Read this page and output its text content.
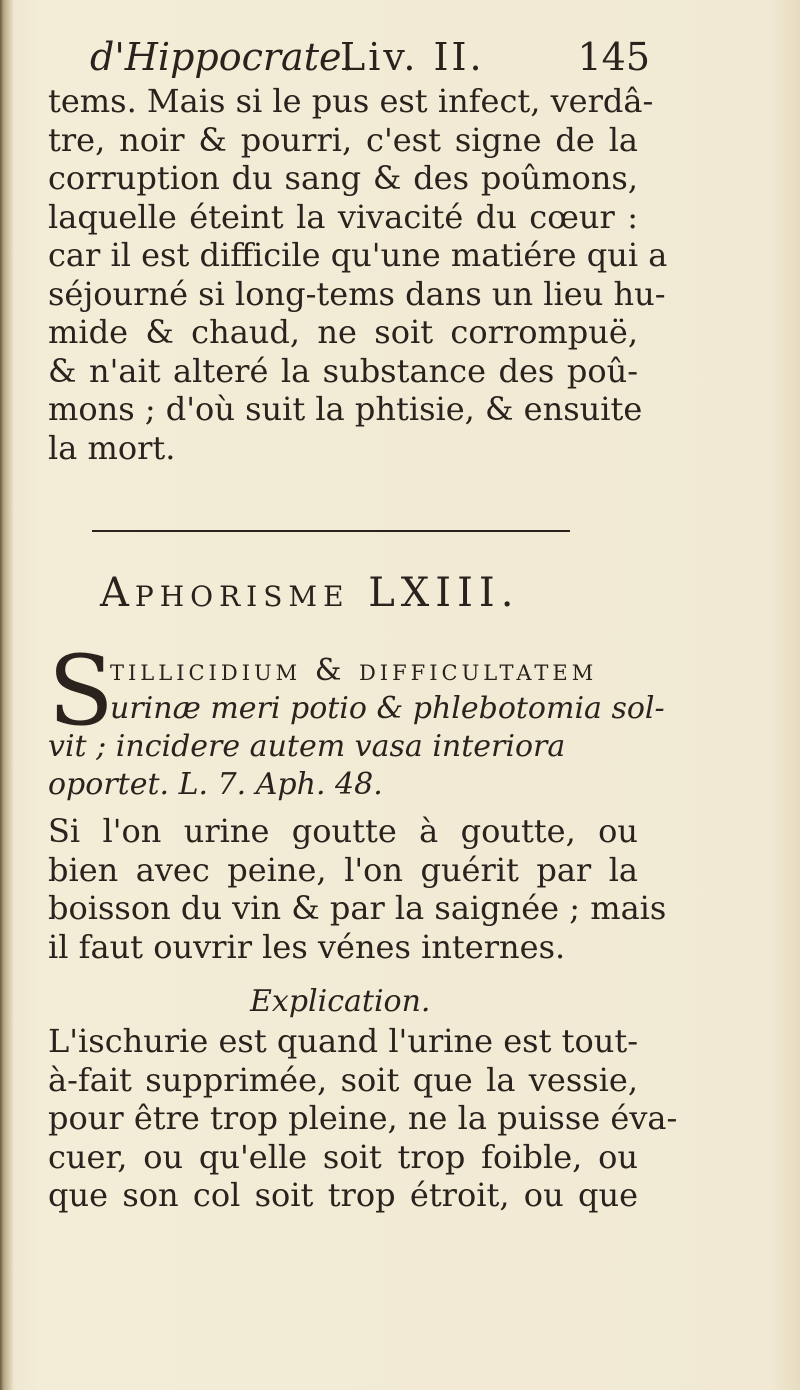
d'Hippocrate.
Liv. II. 145
tems. Mais si le pus est infect, verdâ-
tre, noir & pourri, c'est signe de la
corruption du sang & des poûmons,
laquelle éteint la vivacité du cœur :
car il est difficile qu'une matiére qui a
séjourné si long-tems dans un lieu hu-
mide & chaud, ne soit corrompuë,
& n'ait alteré la substance des poû-
mons ; d'où suit la phtisie, & ensuite
la mort.
Aphorisme LXIII.
S
tillicidium & difficultatem
urinæ meri potio & phlebotomia sol-
vit ; incidere autem vasa interiora
oportet. L. 7. Aph. 48.
Si l'on urine goutte à goutte, ou
bien avec peine, l'on guérit par la
boisson du vin & par la saignée ; mais
il faut ouvrir les vénes internes.
Explication.
L'ischurie est quand l'urine est tout-
à-fait supprimée, soit que la vessie,
pour être trop pleine, ne la puisse éva-
cuer, ou qu'elle soit trop foible, ou
que son col soit trop étroit, ou que
